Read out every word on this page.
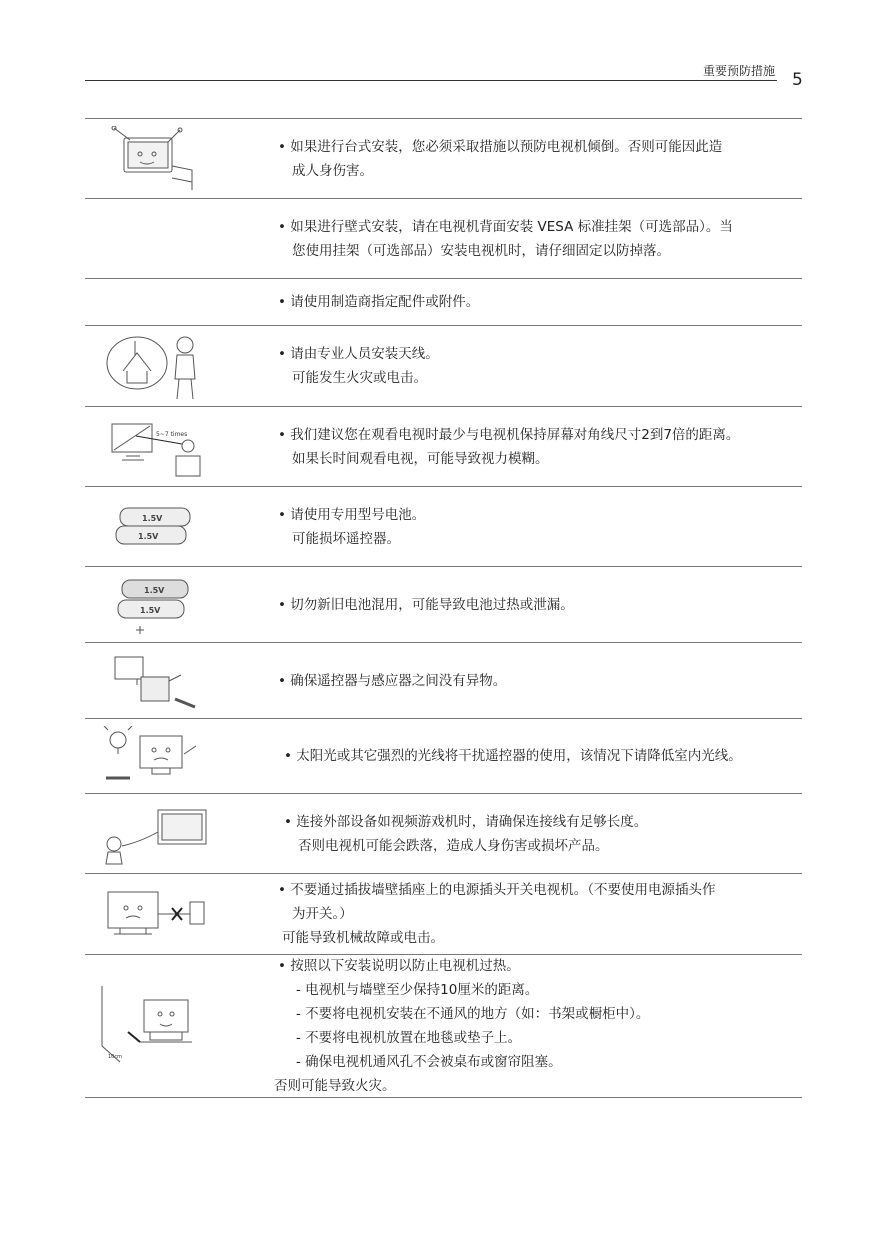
重要预防措施 5
• 如果进行台式安装，您必须采取措施以预防电视机倾倒。否则可能因此造
成人身伤害。
• 如果进行壁式安装，请在电视机背面安装 VESA 标准挂架（可选部品）。当
您使用挂架（可选部品）安装电视机时，请仔细固定以防掉落。
• 请使用制造商指定配件或附件。
• 请由专业人员安装天线。
可能发生火灾或电击。
5~7 times	• 我们建议您在观看电视时最少与电视机保持屏幕对角线尺寸2到7倍的距离。
如果长时间观看电视，可能导致视力模糊。
1.5V
1.5V
• 请使用专用型号电池。
可能损坏遥控器。
1.5V
1.5V	• 切勿新旧电池混用，可能导致电池过热或泄漏。
• 确保遥控器与感应器之间没有异物。
• 太阳光或其它强烈的光线将干扰遥控器的使用，该情况下请降低室内光线。
• 连接外部设备如视频游戏机时，请确保连接线有足够长度。
否则电视机可能会跌落，造成人身伤害或损坏产品。
• 不要通过插拔墙壁插座上的电源插头开关电视机。（不要使用电源插头作
为开关。）
可能导致机械故障或电击。
10cm
• 按照以下安装说明以防止电视机过热。
- 电视机与墙壁至少保持10厘米的距离。
- 不要将电视机安装在不通风的地方（如：书架或橱柜中）。
- 不要将电视机放置在地毯或垫子上。
- 确保电视机通风孔不会被桌布或窗帘阻塞。
否则可能导致火灾。
